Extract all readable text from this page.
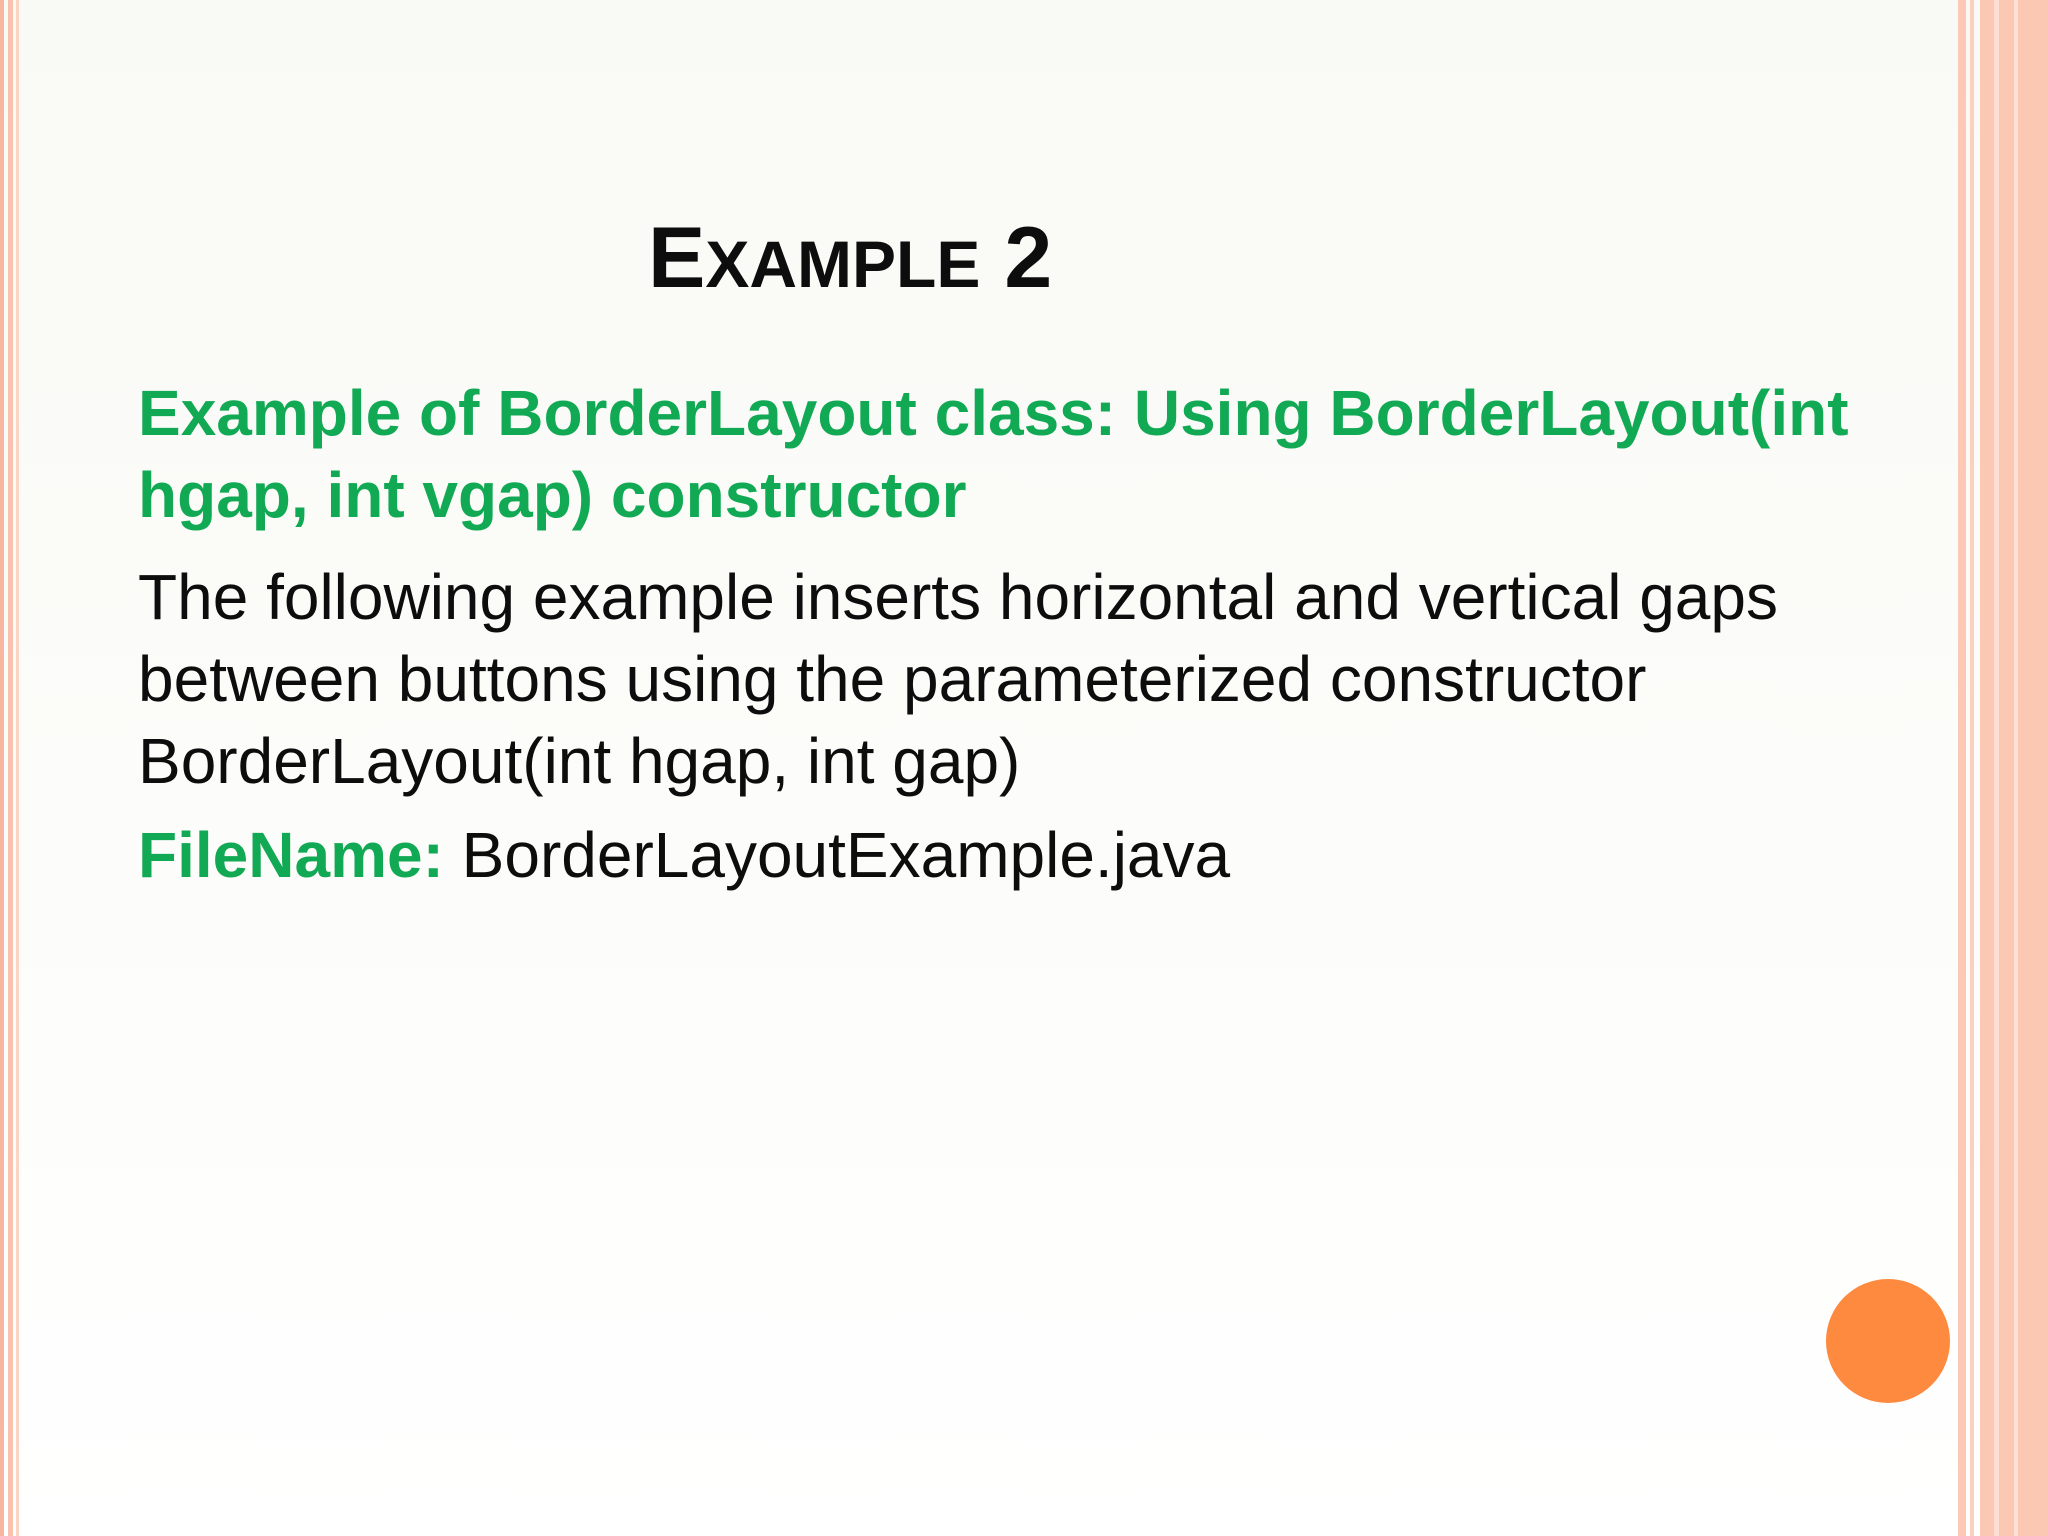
EXAMPLE 2

Example of BorderLayout class: Using BorderLayout(int hgap, int vgap) constructor

The following example inserts horizontal and vertical gaps between buttons using the parameterized constructor BorderLayout(int hgap, int gap)

FileName: BorderLayoutExample.java
